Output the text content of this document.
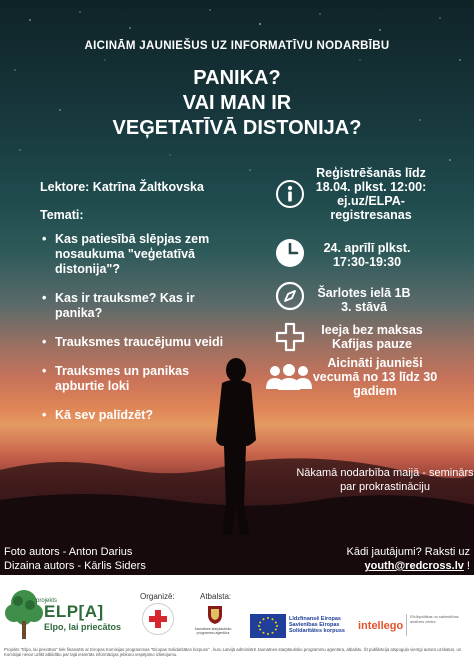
AICINĀM JAUNIEŠUS UZ INFORMATĪVU NODARBĪBU
PANIKA?
VAI MAN IR
VEĢETATĪVĀ DISTONIJA?
Lektore: Katrīna Žaltkovska
Temati:
• Kas patiesībā slēpjas zem nosaukuma "veģetatīvā distonija"?
• Kas ir trauksme? Kas ir panika?
• Trauksmes traucējumu veidi
• Trauksmes un panikas apburtie loki
• Kā sev palīdzēt?
Reģistrēšanās līdz 18.04. plkst. 12:00: ej.uz/ELPA-registresanas
24. aprīlī plkst. 17:30-19:30
Šarlotes ielā 1B 3. stāvā
Ieeja bez maksas Kafijas pauze
Aicināti jaunieši vecumā no 13 līdz 30 gadiem
Nākamā nodarbība maijā - seminārs par prokrastināciju
Foto autors - Anton Darius
Dizaina autors - Kārlis Siders
Kādi jautājumi? Raksti uz
youth@redcross.lv !
projekts
ELP[A]
Elpo, lai priecātos
Organizē:	Atbalsta:
Jaunatnes starptautisko programmu aģentūra
Līdzfinansē Eiropas Savienības Eiropas Solidaritātes korpuss	intellego
Rīcībpolitikas un sabiedrības analīzes centrs
Projekts "Elpo, lai priecātos" tiek finansēts ar Eiropas Komisijas programmas "Eiropas Solidaritātes korpuss" , kuru Latvijā administrē Jaunatnes starptautisko programmu aģentūra, atbalstu. Šī publikācija atspoguļo vienīgi autora uzskatus, un Komisijai nevar uzlikt atbildību par tajā ietvertās informācijas jebkuru iespējamo izlietojumu.
